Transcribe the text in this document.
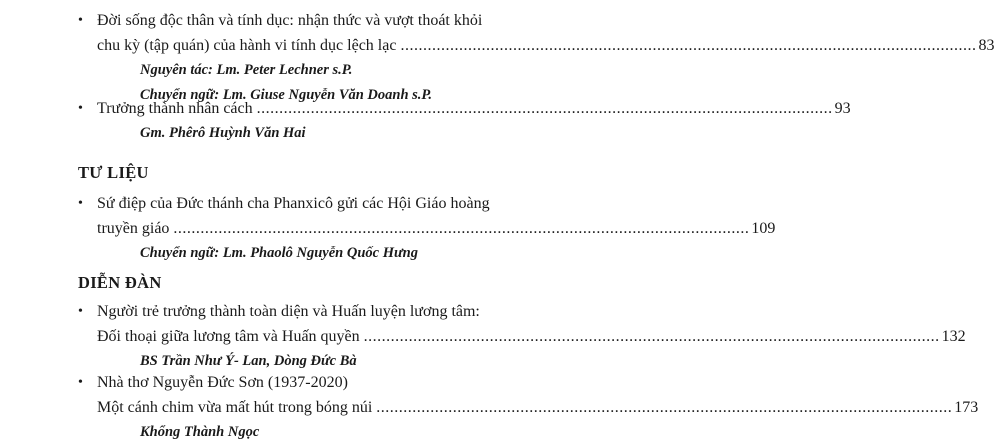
• Đời sống độc thân và tính dục: nhận thức và vượt thoát khỏi
chu kỳ (tập quán) của hành vi tính dục lệch lạc ................................................................................................................................ 83
Nguyên tác: Lm. Peter Lechner s.P.
Chuyển ngữ: Lm. Giuse Nguyễn Văn Doanh s.P.
• Trưởng thành nhân cách ................................................................................................................................ 93
Gm. Phêrô Huỳnh Văn Hai
TƯ LIỆU
• Sứ điệp của Đức thánh cha Phanxicô gửi các Hội Giáo hoàng
truyền giáo ................................................................................................................................ 109
Chuyển ngữ: Lm. Phaolô Nguyễn Quốc Hưng
DIỄN ĐÀN
• Người trẻ trưởng thành toàn diện và Huấn luyện lương tâm:
Đối thoại giữa lương tâm và Huấn quyền ................................................................................................................................ 132
BS Trần Như Ý- Lan, Dòng Đức Bà
• Nhà thơ Nguyễn Đức Sơn (1937-2020)
Một cánh chim vừa mất hút trong bóng núi ................................................................................................................................ 173
Khổng Thành Ngọc
